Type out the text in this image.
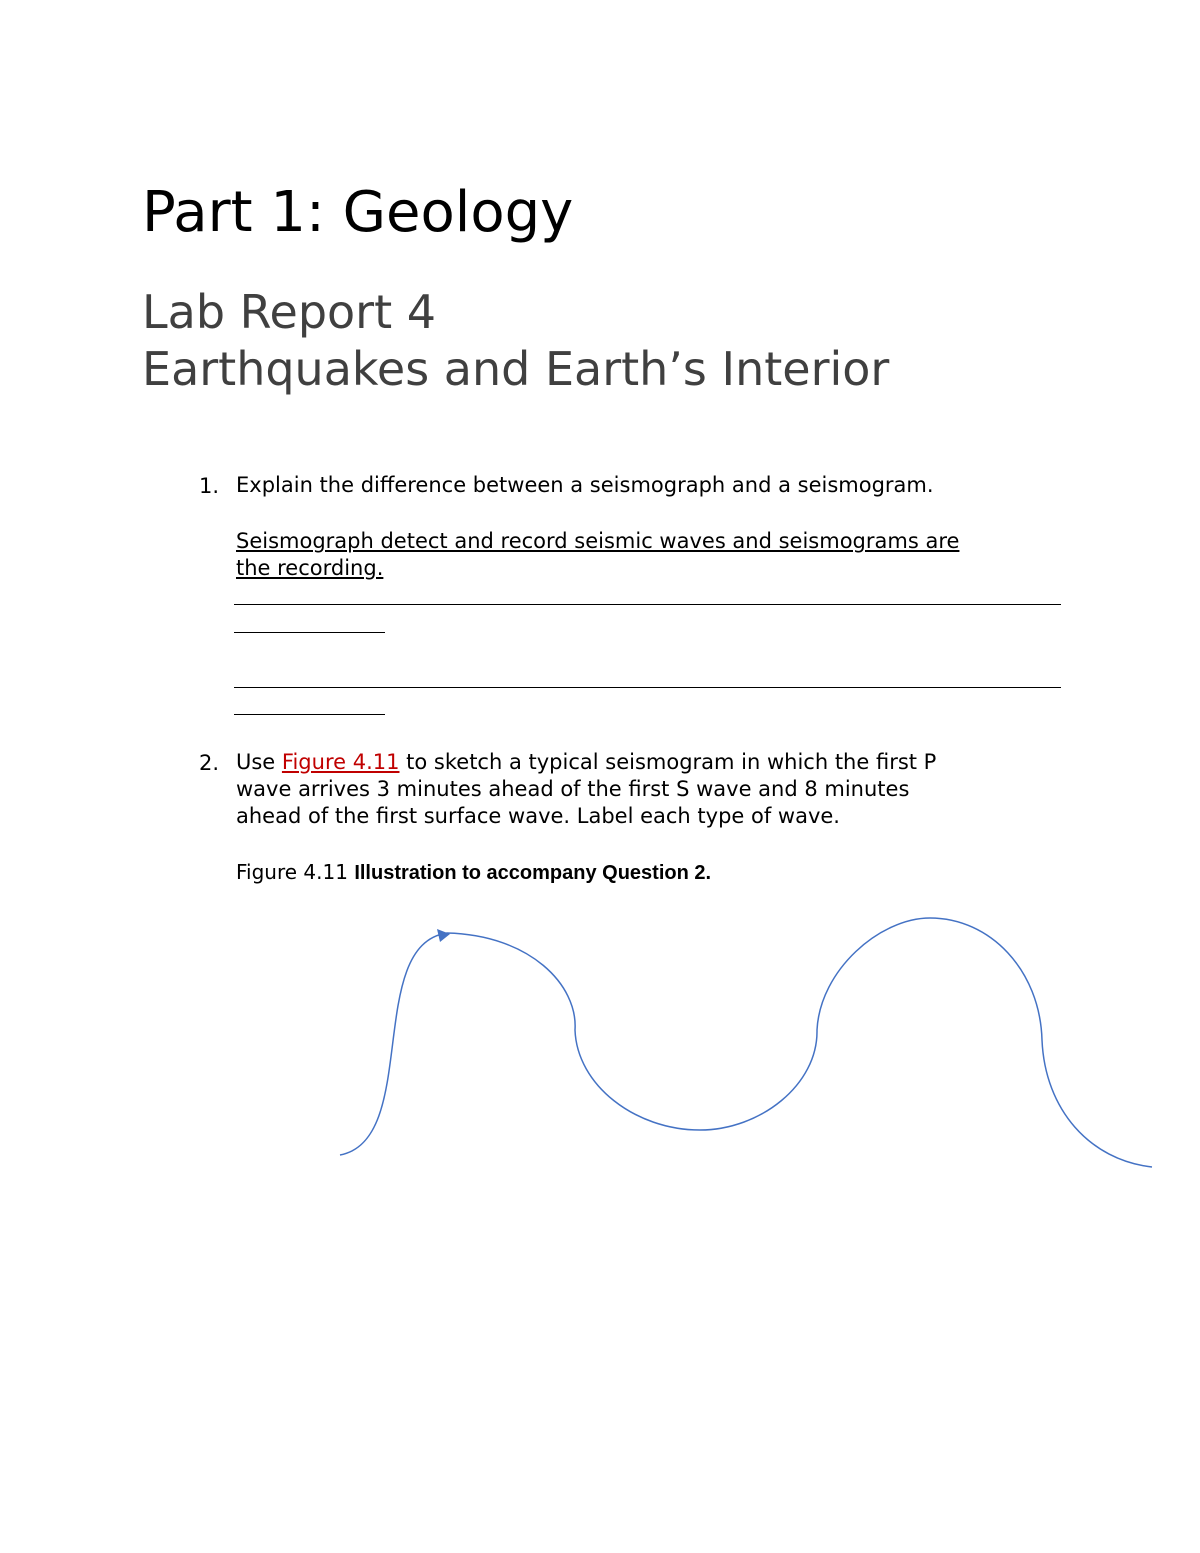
Part 1: Geology
Lab Report 4
Earthquakes and Earth’s Interior
1. Explain the difference between a seismograph and a seismogram.
Seismograph detect and record seismic waves and seismograms are
the recording.
2. Use Figure 4.11 to sketch a typical seismogram in which the first P
wave arrives 3 minutes ahead of the first S wave and 8 minutes
ahead of the first surface wave. Label each type of wave.
Figure 4.11 Illustration to accompany Question 2.
